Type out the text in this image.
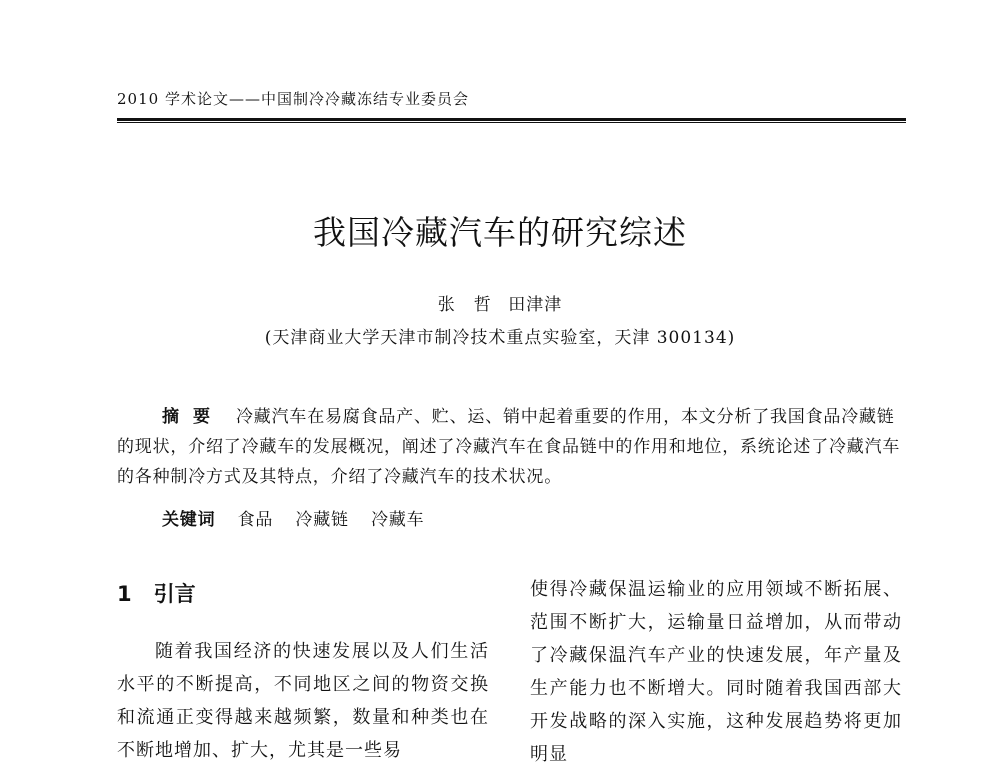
2010 学术论文——中国制冷冷藏冻结专业委员会
我国冷藏汽车的研究综述
张　哲 田津津
(天津商业大学天津市制冷技术重点实验室，天津 300134)

摘要 冷藏汽车在易腐食品产、贮、运、销中起着重要的作用，本文分析了我国食品冷藏链的现状，介绍了冷藏车的发展概况，阐述了冷藏汽车在食品链中的作用和地位，系统论述了冷藏汽车的各种制冷方式及其特点，介绍了冷藏汽车的技术状况。

关键词 食品 冷藏链 冷藏车
1 引言

随着我国经济的快速发展以及人们生活水平的不断提高，不同地区之间的物资交换和流通正变得越来越频繁，数量和种类也在不断地增加、扩大，尤其是一些易

使得冷藏保温运输业的应用领域不断拓展、范围不断扩大，运输量日益增加，从而带动了冷藏保温汽车产业的快速发展，年产量及生产能力也不断增大。同时随着我国西部大开发战略的深入实施，这种发展趋势将更加明显
